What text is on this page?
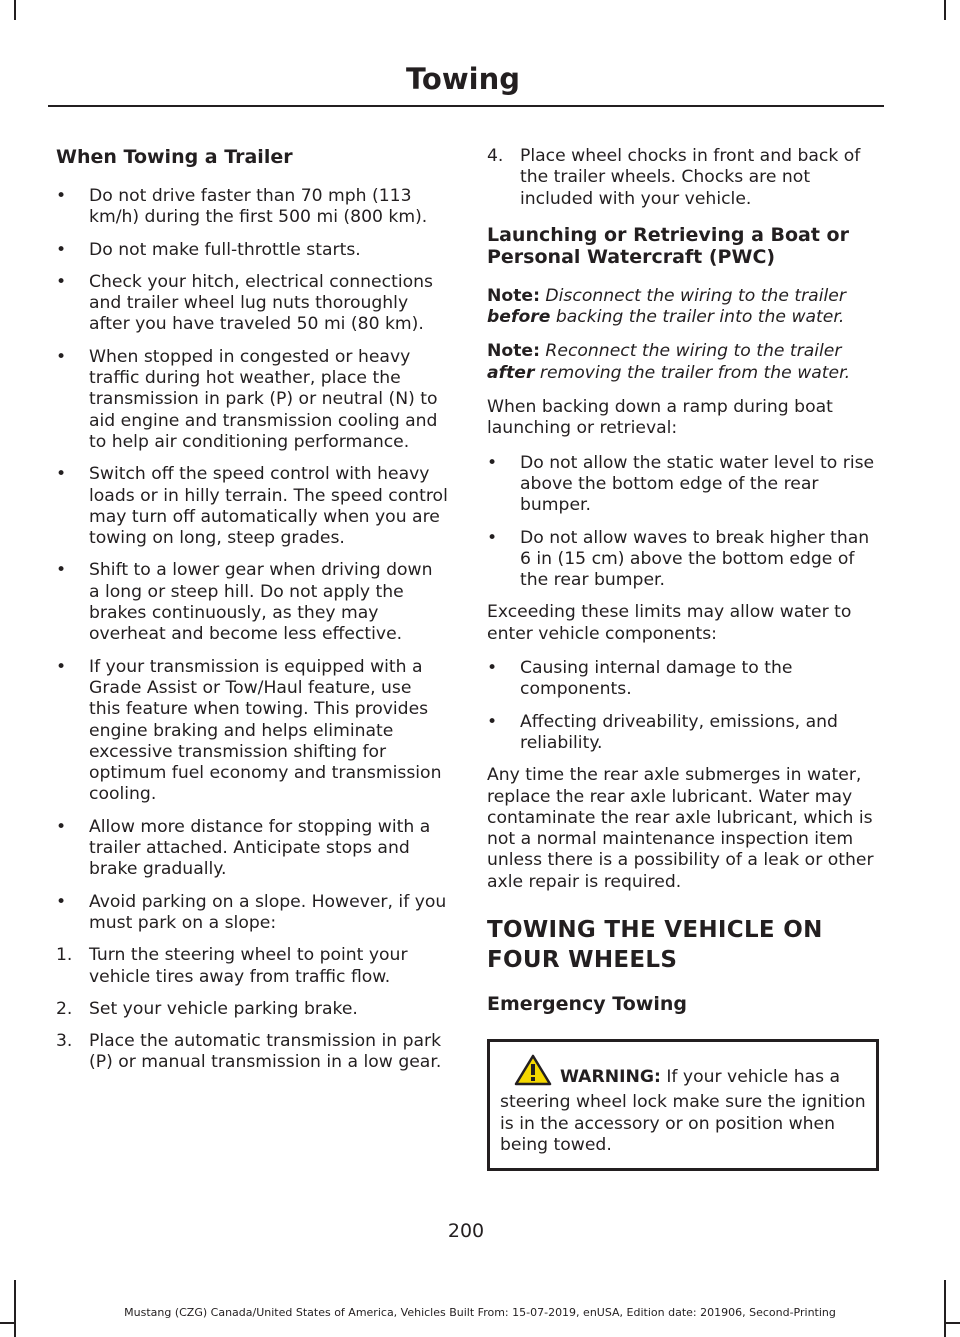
Towing
When Towing a Trailer
• Do not drive faster than 70 mph (113 km/h) during the first 500 mi (800 km).
• Do not make full-throttle starts.
• Check your hitch, electrical connections and trailer wheel lug nuts thoroughly after you have traveled 50 mi (80 km).
• When stopped in congested or heavy traffic during hot weather, place the transmission in park (P) or neutral (N) to aid engine and transmission cooling and to help air conditioning performance.
• Switch off the speed control with heavy loads or in hilly terrain. The speed control may turn off automatically when you are towing on long, steep grades.
• Shift to a lower gear when driving down a long or steep hill. Do not apply the brakes continuously, as they may overheat and become less effective.
• If your transmission is equipped with a Grade Assist or Tow/Haul feature, use this feature when towing. This provides engine braking and helps eliminate excessive transmission shifting for optimum fuel economy and transmission cooling.
• Allow more distance for stopping with a trailer attached. Anticipate stops and brake gradually.
• Avoid parking on a slope. However, if you must park on a slope:
1. Turn the steering wheel to point your vehicle tires away from traffic flow.
2. Set your vehicle parking brake.
3. Place the automatic transmission in park (P) or manual transmission in a low gear.
4. Place wheel chocks in front and back of the trailer wheels. Chocks are not included with your vehicle.
Launching or Retrieving a Boat or Personal Watercraft (PWC)

Note: Disconnect the wiring to the trailer before backing the trailer into the water.

Note: Reconnect the wiring to the trailer after removing the trailer from the water.

When backing down a ramp during boat launching or retrieval:

• Do not allow the static water level to rise above the bottom edge of the rear bumper.
• Do not allow waves to break higher than 6 in (15 cm) above the bottom edge of the rear bumper.

Exceeding these limits may allow water to enter vehicle components:

• Causing internal damage to the components.
• Affecting driveability, emissions, and reliability.

Any time the rear axle submerges in water, replace the rear axle lubricant. Water may contaminate the rear axle lubricant, which is not a normal maintenance inspection item unless there is a possibility of a leak or other axle repair is required.

TOWING THE VEHICLE ON
FOUR WHEELS
Emergency Towing

WARNING: If your vehicle has a steering wheel lock make sure the ignition is in the accessory or on position when being towed.

200
Mustang (CZG) Canada/United States of America, Vehicles Built From: 15-07-2019, enUSA, Edition date: 201906, Second-Printing
